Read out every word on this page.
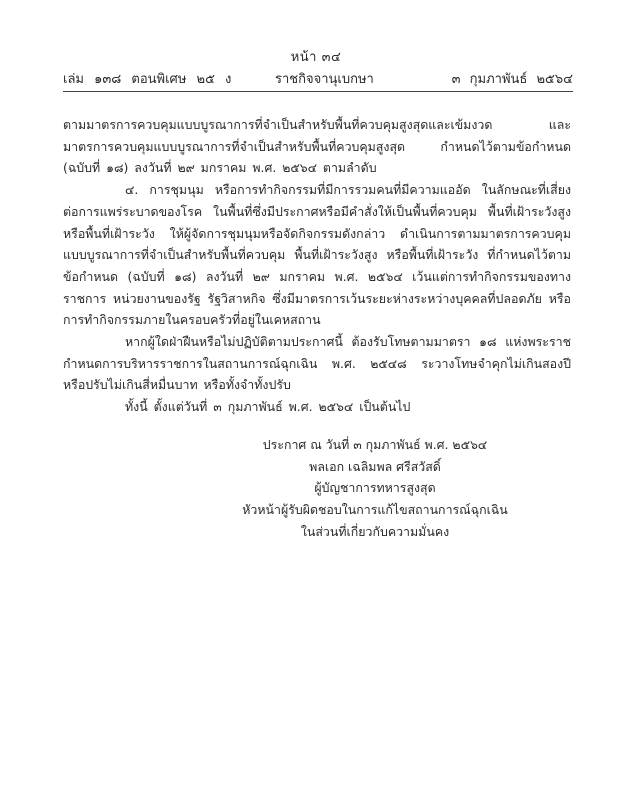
หน้า ๓๔
เล่ม ๑๓๘ ตอนพิเศษ ๒๕ ง	ราชกิจจานุเบกษา	๓ กุมภาพันธ์ ๒๕๖๔

ตามมาตรการควบคุมแบบบูรณาการที่จำเป็นสำหรับพื้นที่ควบคุมสูงสุดและเข้มงวด และมาตรการควบคุมแบบบูรณาการที่จำเป็นสำหรับพื้นที่ควบคุมสูงสุด กำหนดไว้ตามข้อกำหนด (ฉบับที่ ๑๘) ลงวันที่ ๒๙ มกราคม พ.ศ. ๒๕๖๔ ตามลำดับ

๔. การชุมนุม หรือการทำกิจกรรมที่มีการรวมคนที่มีความแออัด ในลักษณะที่เสี่ยงต่อการแพร่ระบาดของโรค ในพื้นที่ซึ่งมีประกาศหรือมีคำสั่งให้เป็นพื้นที่ควบคุม พื้นที่เฝ้าระวังสูง หรือพื้นที่เฝ้าระวัง ให้ผู้จัดการชุมนุมหรือจัดกิจกรรมดังกล่าว ดำเนินการตามมาตรการควบคุมแบบบูรณาการที่จำเป็นสำหรับพื้นที่ควบคุม พื้นที่เฝ้าระวังสูง หรือพื้นที่เฝ้าระวัง ที่กำหนดไว้ตามข้อกำหนด (ฉบับที่ ๑๘) ลงวันที่ ๒๙ มกราคม พ.ศ. ๒๕๖๔ เว้นแต่การทำกิจกรรมของทางราชการ หน่วยงานของรัฐ รัฐวิสาหกิจ ซึ่งมีมาตรการเว้นระยะห่างระหว่างบุคคลที่ปลอดภัย หรือการทำกิจกรรมภายในครอบครัวที่อยู่ในเคหสถาน

หากผู้ใดฝ่าฝืนหรือไม่ปฏิบัติตามประกาศนี้ ต้องรับโทษตามมาตรา ๑๘ แห่งพระราชกำหนดการบริหารราชการในสถานการณ์ฉุกเฉิน พ.ศ. ๒๕๔๘ ระวางโทษจำคุกไม่เกินสองปี หรือปรับไม่เกินสี่หมื่นบาท หรือทั้งจำทั้งปรับ

ทั้งนี้ ตั้งแต่วันที่ ๓ กุมภาพันธ์ พ.ศ. ๒๕๖๔ เป็นต้นไป

ประกาศ ณ วันที่ ๓ กุมภาพันธ์ พ.ศ. ๒๕๖๔
พลเอก เฉลิมพล ศรีสวัสดิ์
ผู้บัญชาการทหารสูงสุด
หัวหน้าผู้รับผิดชอบในการแก้ไขสถานการณ์ฉุกเฉิน
ในส่วนที่เกี่ยวกับความมั่นคง
